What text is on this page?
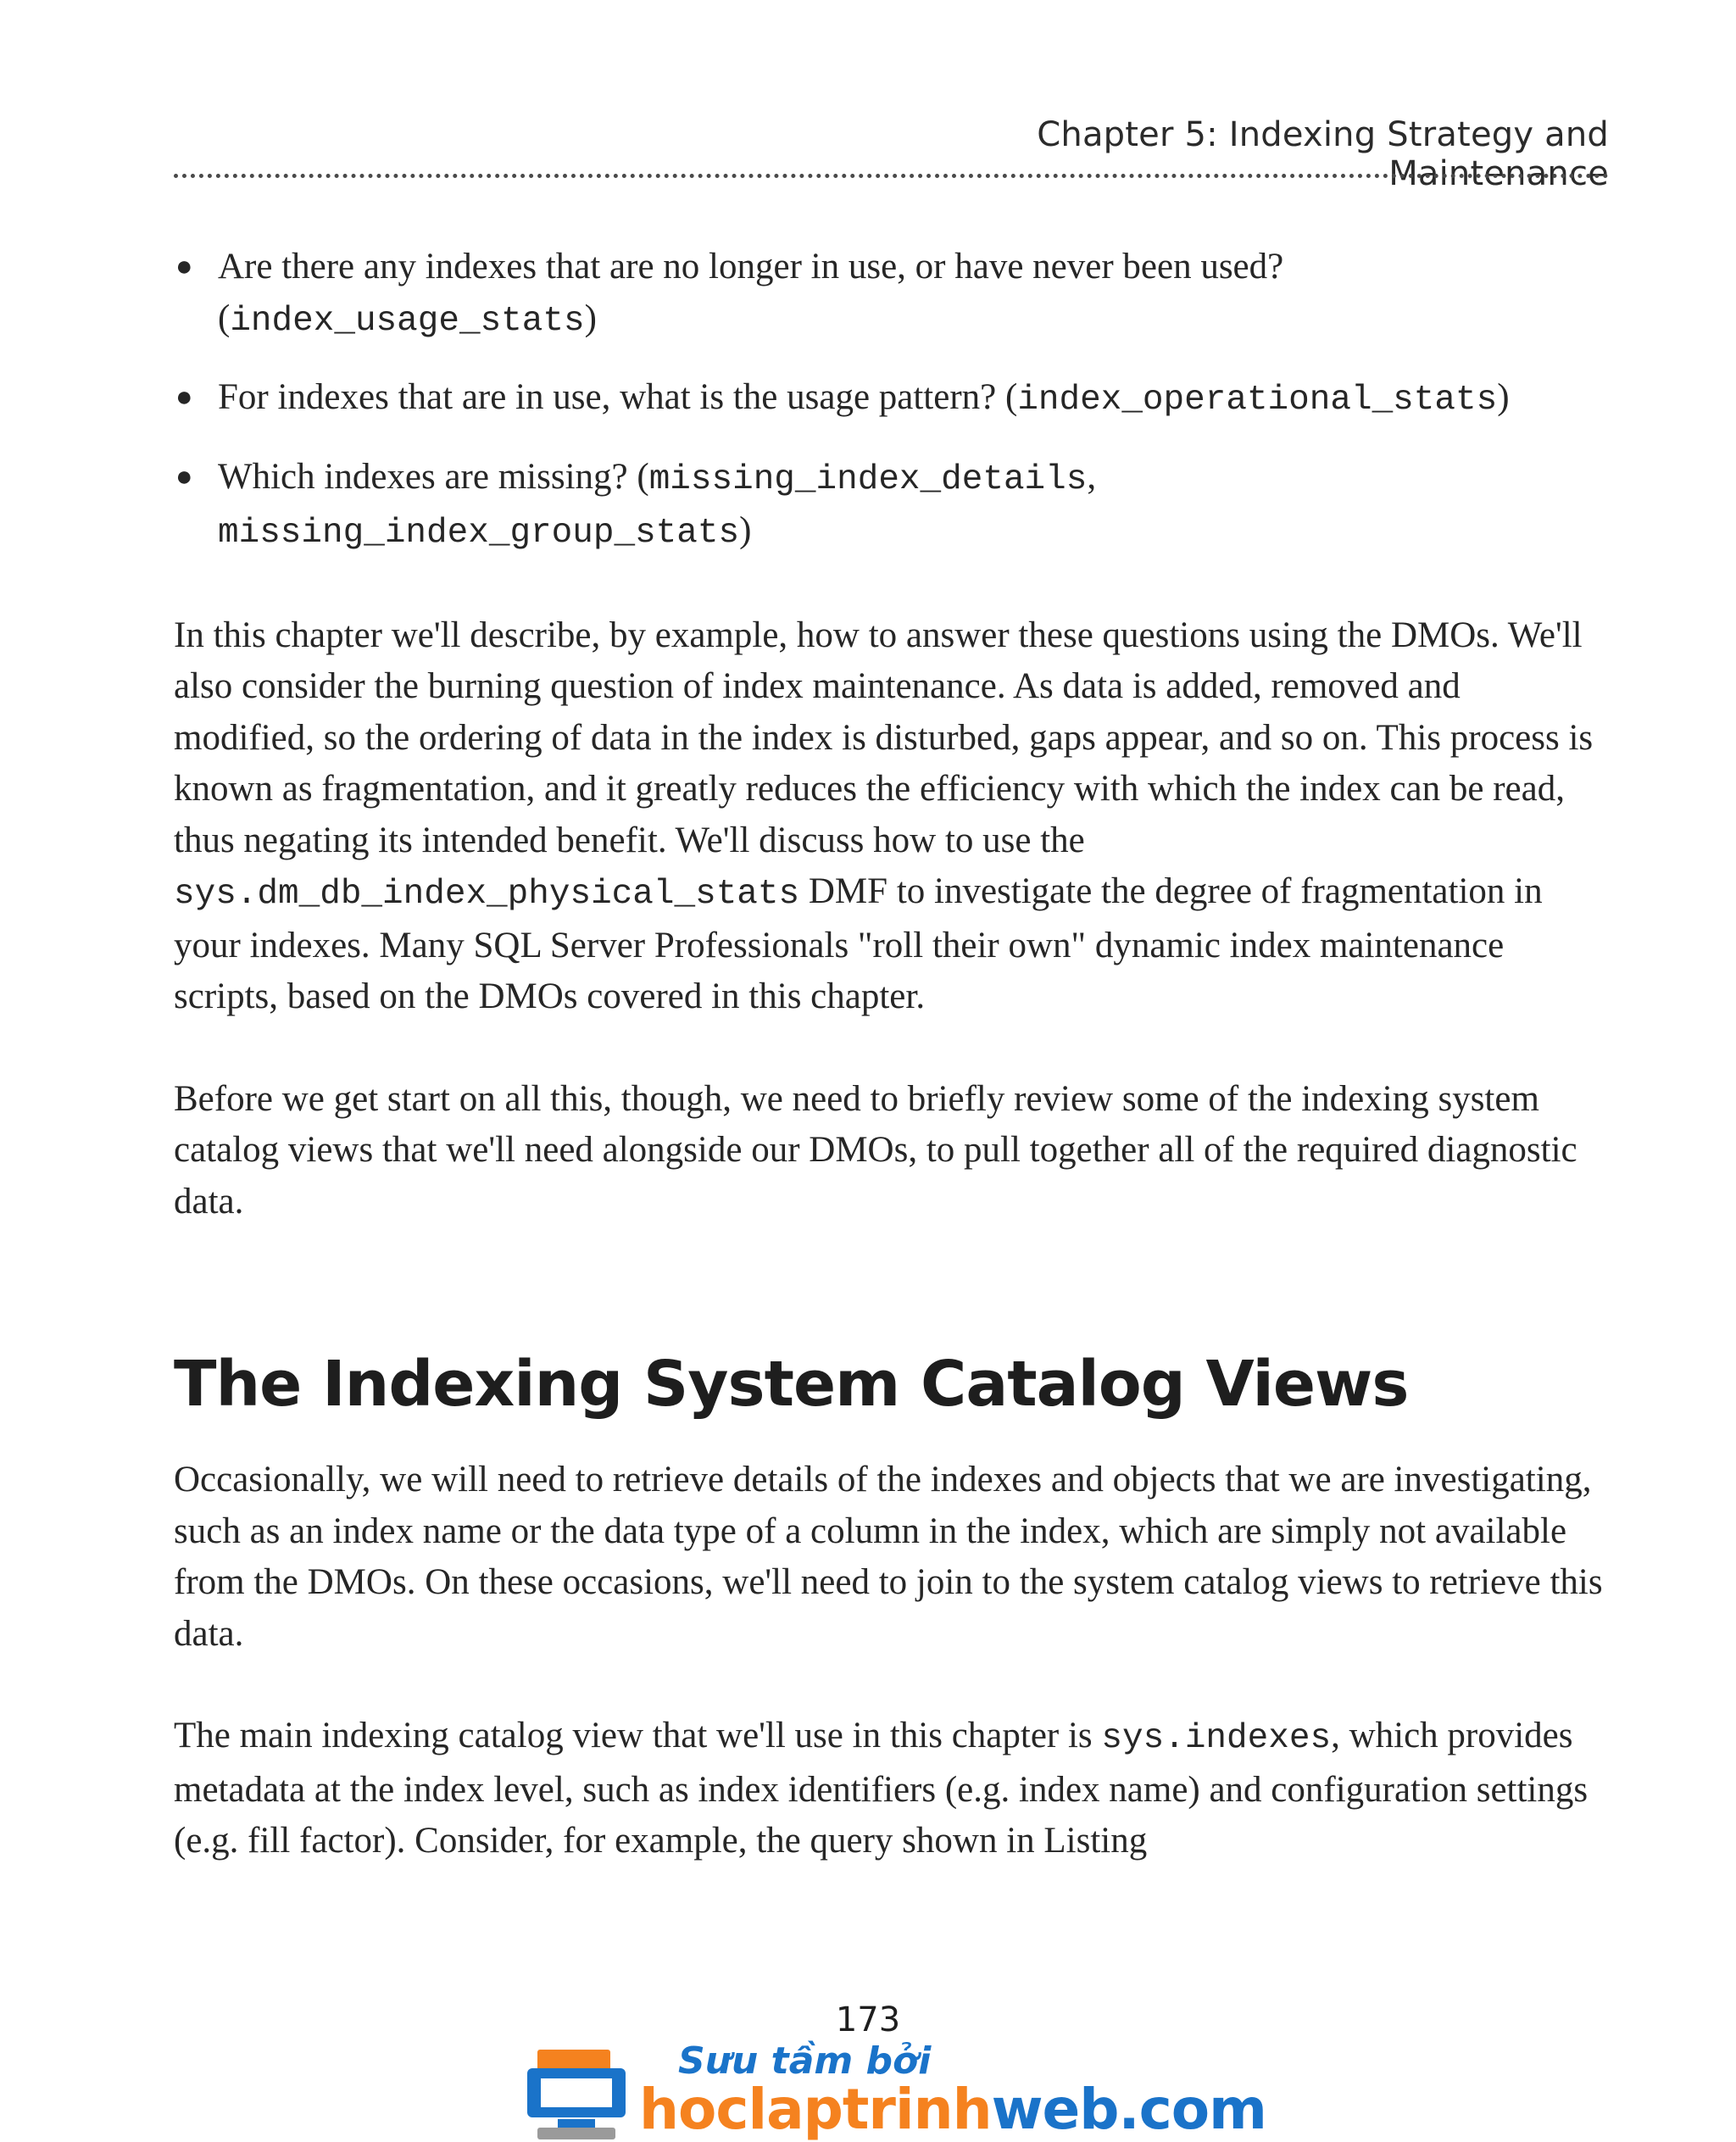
Chapter 5: Indexing Strategy and Maintenance
● Are there any indexes that are no longer in use, or have never been used? (index_usage_stats)
● For indexes that are in use, what is the usage pattern? (index_operational_stats)
● Which indexes are missing? (missing_index_details,
missing_index_group_stats)

In this chapter we'll describe, by example, how to answer these questions using the DMOs. We'll also consider the burning question of index maintenance. As data is added, removed and modified, so the ordering of data in the index is disturbed, gaps appear, and so on. This process is known as fragmentation, and it greatly reduces the efficiency with which the index can be read, thus negating its intended benefit. We'll discuss how to use the sys.dm_db_index_physical_stats DMF to investigate the degree of fragmentation in your indexes. Many SQL Server Professionals "roll their own" dynamic index maintenance scripts, based on the DMOs covered in this chapter.

Before we get start on all this, though, we need to briefly review some of the indexing system catalog views that we'll need alongside our DMOs, to pull together all of the required diagnostic data.

The Indexing System Catalog Views

Occasionally, we will need to retrieve details of the indexes and objects that we are investigating, such as an index name or the data type of a column in the index, which are simply not available from the DMOs. On these occasions, we'll need to join to the system catalog views to retrieve this data.

The main indexing catalog view that we'll use in this chapter is sys.indexes, which provides metadata at the index level, such as index identifiers (e.g. index name) and configuration settings (e.g. fill factor). Consider, for example, the query shown in Listing

173
Sưu tầm bởi
hoclaptrinhweb.com
